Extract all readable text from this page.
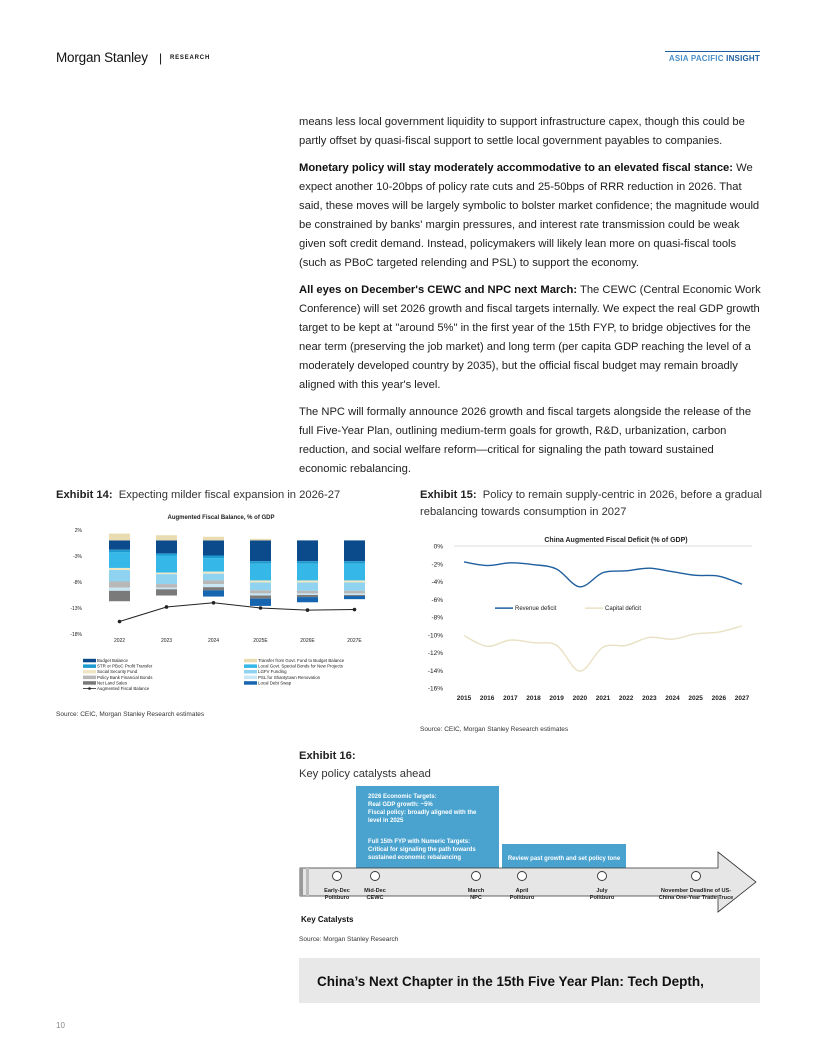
Morgan Stanley | RESEARCH	ASIA PACIFIC INSIGHT

means less local government liquidity to support infrastructure capex, though this could be partly offset by quasi-fiscal support to settle local government payables to companies.

Monetary policy will stay moderately accommodative to an elevated fiscal stance: We expect another 10-20bps of policy rate cuts and 25-50bps of RRR reduction in 2026. That said, these moves will be largely symbolic to bolster market confidence; the magnitude would be constrained by banks' margin pressures, and interest rate transmission could be weak given soft credit demand. Instead, policymakers will likely lean more on quasi-fiscal tools (such as PBoC targeted relending and PSL) to support the economy.

All eyes on December's CEWC and NPC next March: The CEWC (Central Economic Work Conference) will set 2026 growth and fiscal targets internally. We expect the real GDP growth target to be kept at "around 5%" in the first year of the 15th FYP, to bridge objectives for the near term (preserving the job market) and long term (per capita GDP reaching the level of a moderately developed country by 2035), but the official fiscal budget may remain broadly aligned with this year's level.

The NPC will formally announce 2026 growth and fiscal targets alongside the release of the full Five-Year Plan, outlining medium-term goals for growth, R&D, urbanization, carbon reduction, and social welfare reform—critical for signaling the path toward sustained economic rebalancing.

Exhibit 14: Expecting milder fiscal expansion in 2026-27
Augmented Fiscal Balance, % of GDP
2%
-3%
-8%
-13%
-18%
2022	2023	2024	2025E	2026E	2027E
Budget Balance	Transfer from Govt. Fund to Budget Balance
STR or PBoC Profit Transfer	Local Govt. Special Bonds for New Projects
Social Security Fund	LGFV Funding
Policy Bank Financial Bonds	PSL for Shantytown Renovation
Net Land Sales	Local Debt Swap
Augmented Fiscal Balance
Source: CEIC, Morgan Stanley Research estimates
Exhibit 15: Policy to remain supply-centric in 2026, before a gradual rebalancing towards consumption in 2027
China Augmented Fiscal Deficit (% of GDP)
0%
-2%
-4%
-6%
-8%
-10%
-12%
-14%
-16%
2015 2016 2017 2018 2019 2020 2021 2022 2023 2024 2025 2026 2027
Revenue deficit	Capital deficit
Source: CEIC, Morgan Stanley Research estimates
Exhibit 16:
Key policy catalysts ahead
2026 Economic Targets:
Real GDP growth: ~5%
Fiscal policy: broadly aligned with the
level in 2025
Full 15th FYP with Numeric Targets:
Critical for signaling the path towards
sustained economic rebalancing	Review past growth and set policy tone
Early-Dec
Politburo
Mid-Dec
CEWC
March
NPC
April
Politburo
July
Politburo
November Deadline of US-
China One-Year Trade Truce
Key Catalysts
Source: Morgan Stanley Research
China’s Next Chapter in the 15th Five Year Plan: Tech Depth,
10
